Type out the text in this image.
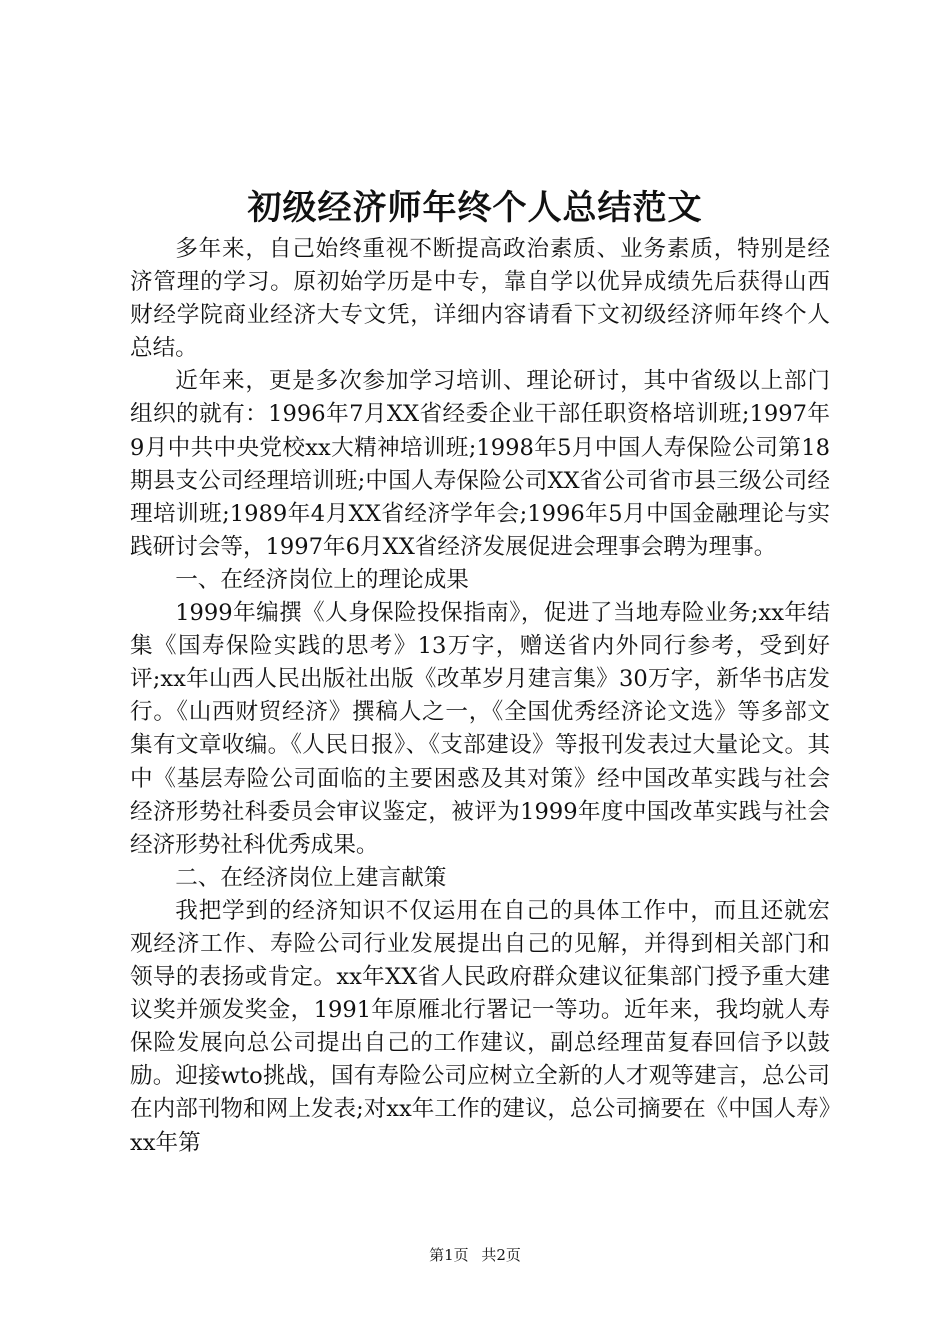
初级经济师年终个人总结范文

多年来，自己始终重视不断提高政治素质、业务素质，特别是经济管理的学习。原初始学历是中专，靠自学以优异成绩先后获得山西财经学院商业经济大专文凭，详细内容请看下文初级经济师年终个人总结。

近年来，更是多次参加学习培训、理论研讨，其中省级以上部门组织的就有：1996年7月XX省经委企业干部任职资格培训班;1997年9月中共中央党校xx大精神培训班;1998年5月中国人寿保险公司第18期县支公司经理培训班;中国人寿保险公司XX省公司省市县三级公司经理培训班;1989年4月XX省经济学年会;1996年5月中国金融理论与实践研讨会等，1997年6月XX省经济发展促进会理事会聘为理事。

一、在经济岗位上的理论成果

1999年编撰《人身保险投保指南》，促进了当地寿险业务;xx年结集《国寿保险实践的思考》13万字，赠送省内外同行参考，受到好评;xx年山西人民出版社出版《改革岁月建言集》30万字，新华书店发行。《山西财贸经济》撰稿人之一，《全国优秀经济论文选》等多部文集有文章收编。《人民日报》、《支部建设》等报刊发表过大量论文。其中《基层寿险公司面临的主要困惑及其对策》经中国改革实践与社会经济形势社科委员会审议鉴定，被评为1999年度中国改革实践与社会经济形势社科优秀成果。

二、在经济岗位上建言献策

我把学到的经济知识不仅运用在自己的具体工作中，而且还就宏观经济工作、寿险公司行业发展提出自己的见解，并得到相关部门和领导的表扬或肯定。xx年XX省人民政府群众建议征集部门授予重大建议奖并颁发奖金，1991年原雁北行署记一等功。近年来，我均就人寿保险发展向总公司提出自己的工作建议，副总经理苗复春回信予以鼓励。迎接wto挑战，国有寿险公司应树立全新的人才观等建言，总公司在内部刊物和网上发表;对xx年工作的建议，总公司摘要在《中国人寿》xx年第

第1页 共2页
